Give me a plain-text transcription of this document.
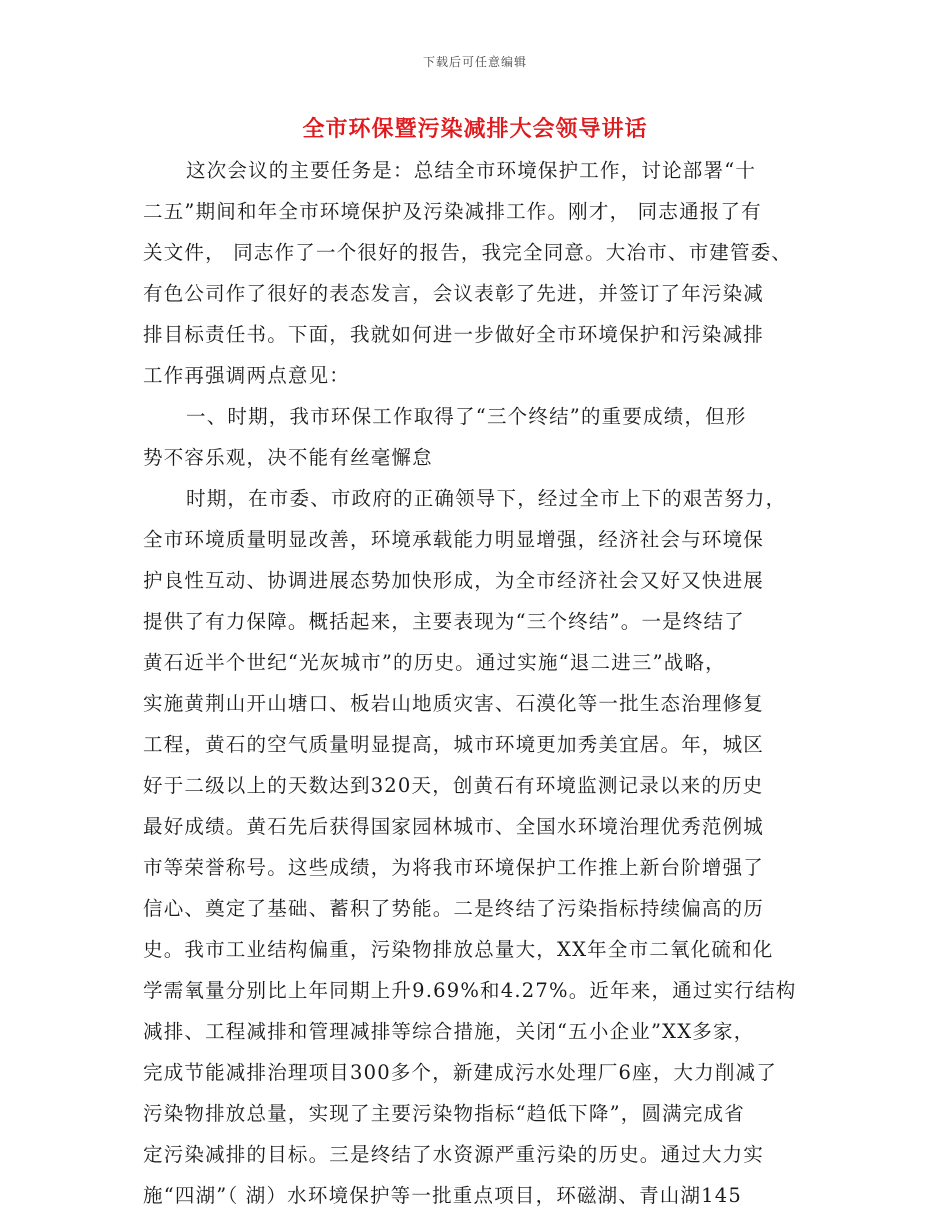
下载后可任意编辑
全市环保暨污染减排大会领导讲话
这次会议的主要任务是：总结全市环境保护工作，讨论部署“十
二五”期间和年全市环境保护及污染减排工作。刚才， 同志通报了有
关文件， 同志作了一个很好的报告，我完全同意。大冶市、市建管委、
有色公司作了很好的表态发言，会议表彰了先进，并签订了年污染减
排目标责任书。下面，我就如何进一步做好全市环境保护和污染减排
工作再强调两点意见：
一、时期，我市环保工作取得了“三个终结”的重要成绩，但形
势不容乐观，决不能有丝毫懈怠
时期，在市委、市政府的正确领导下，经过全市上下的艰苦努力，
全市环境质量明显改善，环境承载能力明显增强，经济社会与环境保
护良性互动、协调进展态势加快形成，为全市经济社会又好又快进展
提供了有力保障。概括起来，主要表现为“三个终结”。一是终结了
黄石近半个世纪“光灰城市”的历史。通过实施“退二进三”战略，
实施黄荆山开山塘口、板岩山地质灾害、石漠化等一批生态治理修复
工程，黄石的空气质量明显提高，城市环境更加秀美宜居。年，城区
好于二级以上的天数达到320天，创黄石有环境监测记录以来的历史
最好成绩。黄石先后获得国家园林城市、全国水环境治理优秀范例城
市等荣誉称号。这些成绩，为将我市环境保护工作推上新台阶增强了
信心、奠定了基础、蓄积了势能。二是终结了污染指标持续偏高的历
史。我市工业结构偏重，污染物排放总量大，XX年全市二氧化硫和化
学需氧量分别比上年同期上升9.69%和4.27%。近年来，通过实行结构
减排、工程减排和管理减排等综合措施，关闭“五小企业”XX多家，
完成节能减排治理项目300多个，新建成污水处理厂6座，大力削减了
污染物排放总量，实现了主要污染物指标“趋低下降”，圆满完成省
定污染减排的目标。三是终结了水资源严重污染的历史。通过大力实
施“四湖”（ 湖）水环境保护等一批重点项目，环磁湖、青山湖145
